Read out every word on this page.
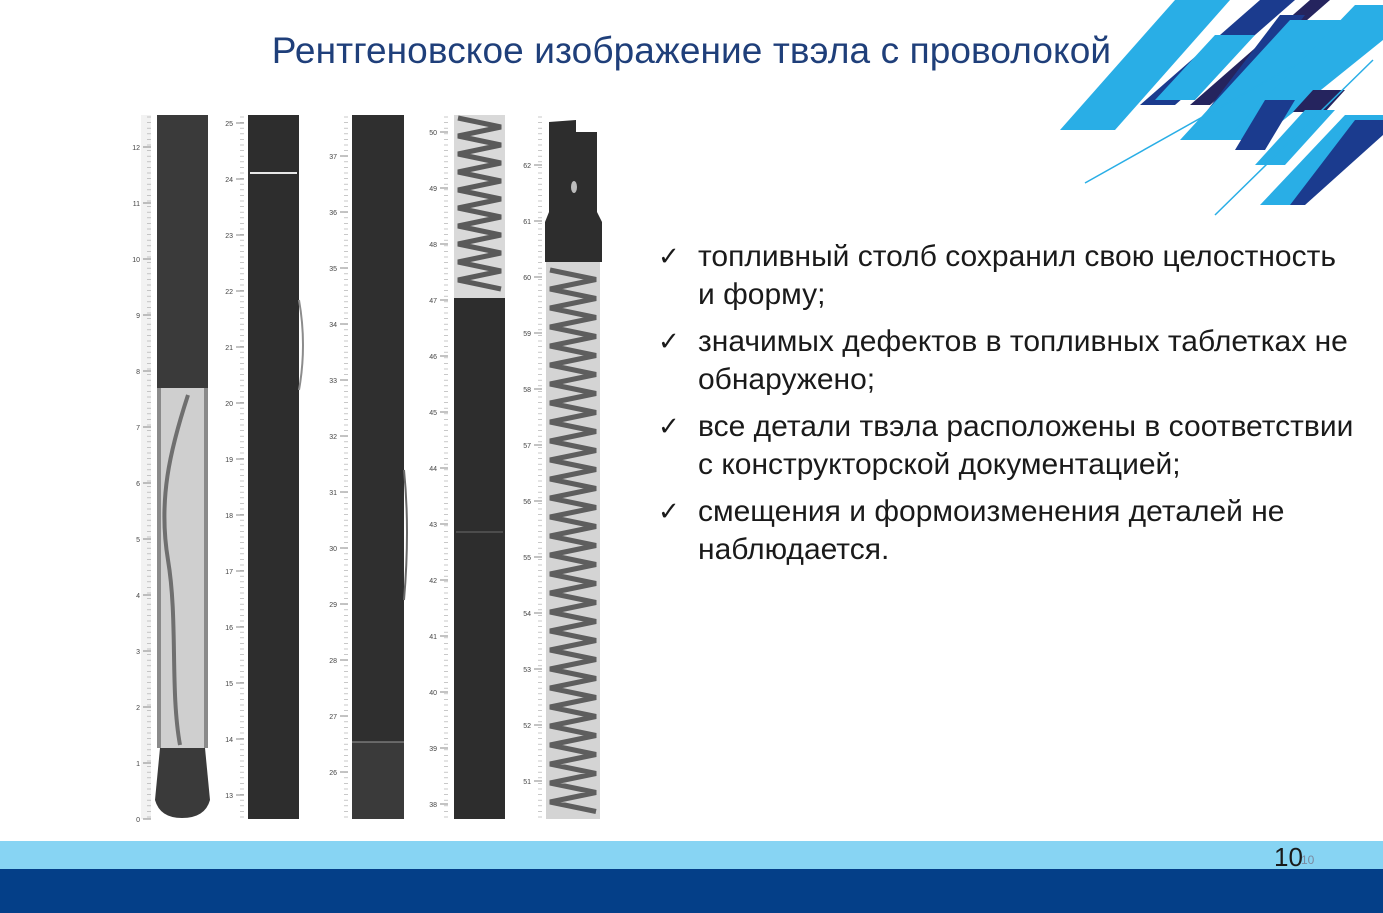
Рентгеновское изображение твэла с проволокой
12
11
10
9
8
7
6
5
4
3
2
1
0
25
24
23
22
21
20
19
18
17
16
15
14
13
37
36
35
34
33
32
31
30
29
28
27
26
50
49
48
47
46
45
44
43
42
41
40
39
38
62
61
60
59
58
57
56
55
54
53
52
51
✓ топливный столб сохранил свою целостность и форму;
✓ значимых дефектов в топливных таблетках не обнаружено;
✓ все детали твэла расположены в соответствии с конструкторской документацией;
✓ смещения и формоизменения деталей не наблюдается.
10
10
